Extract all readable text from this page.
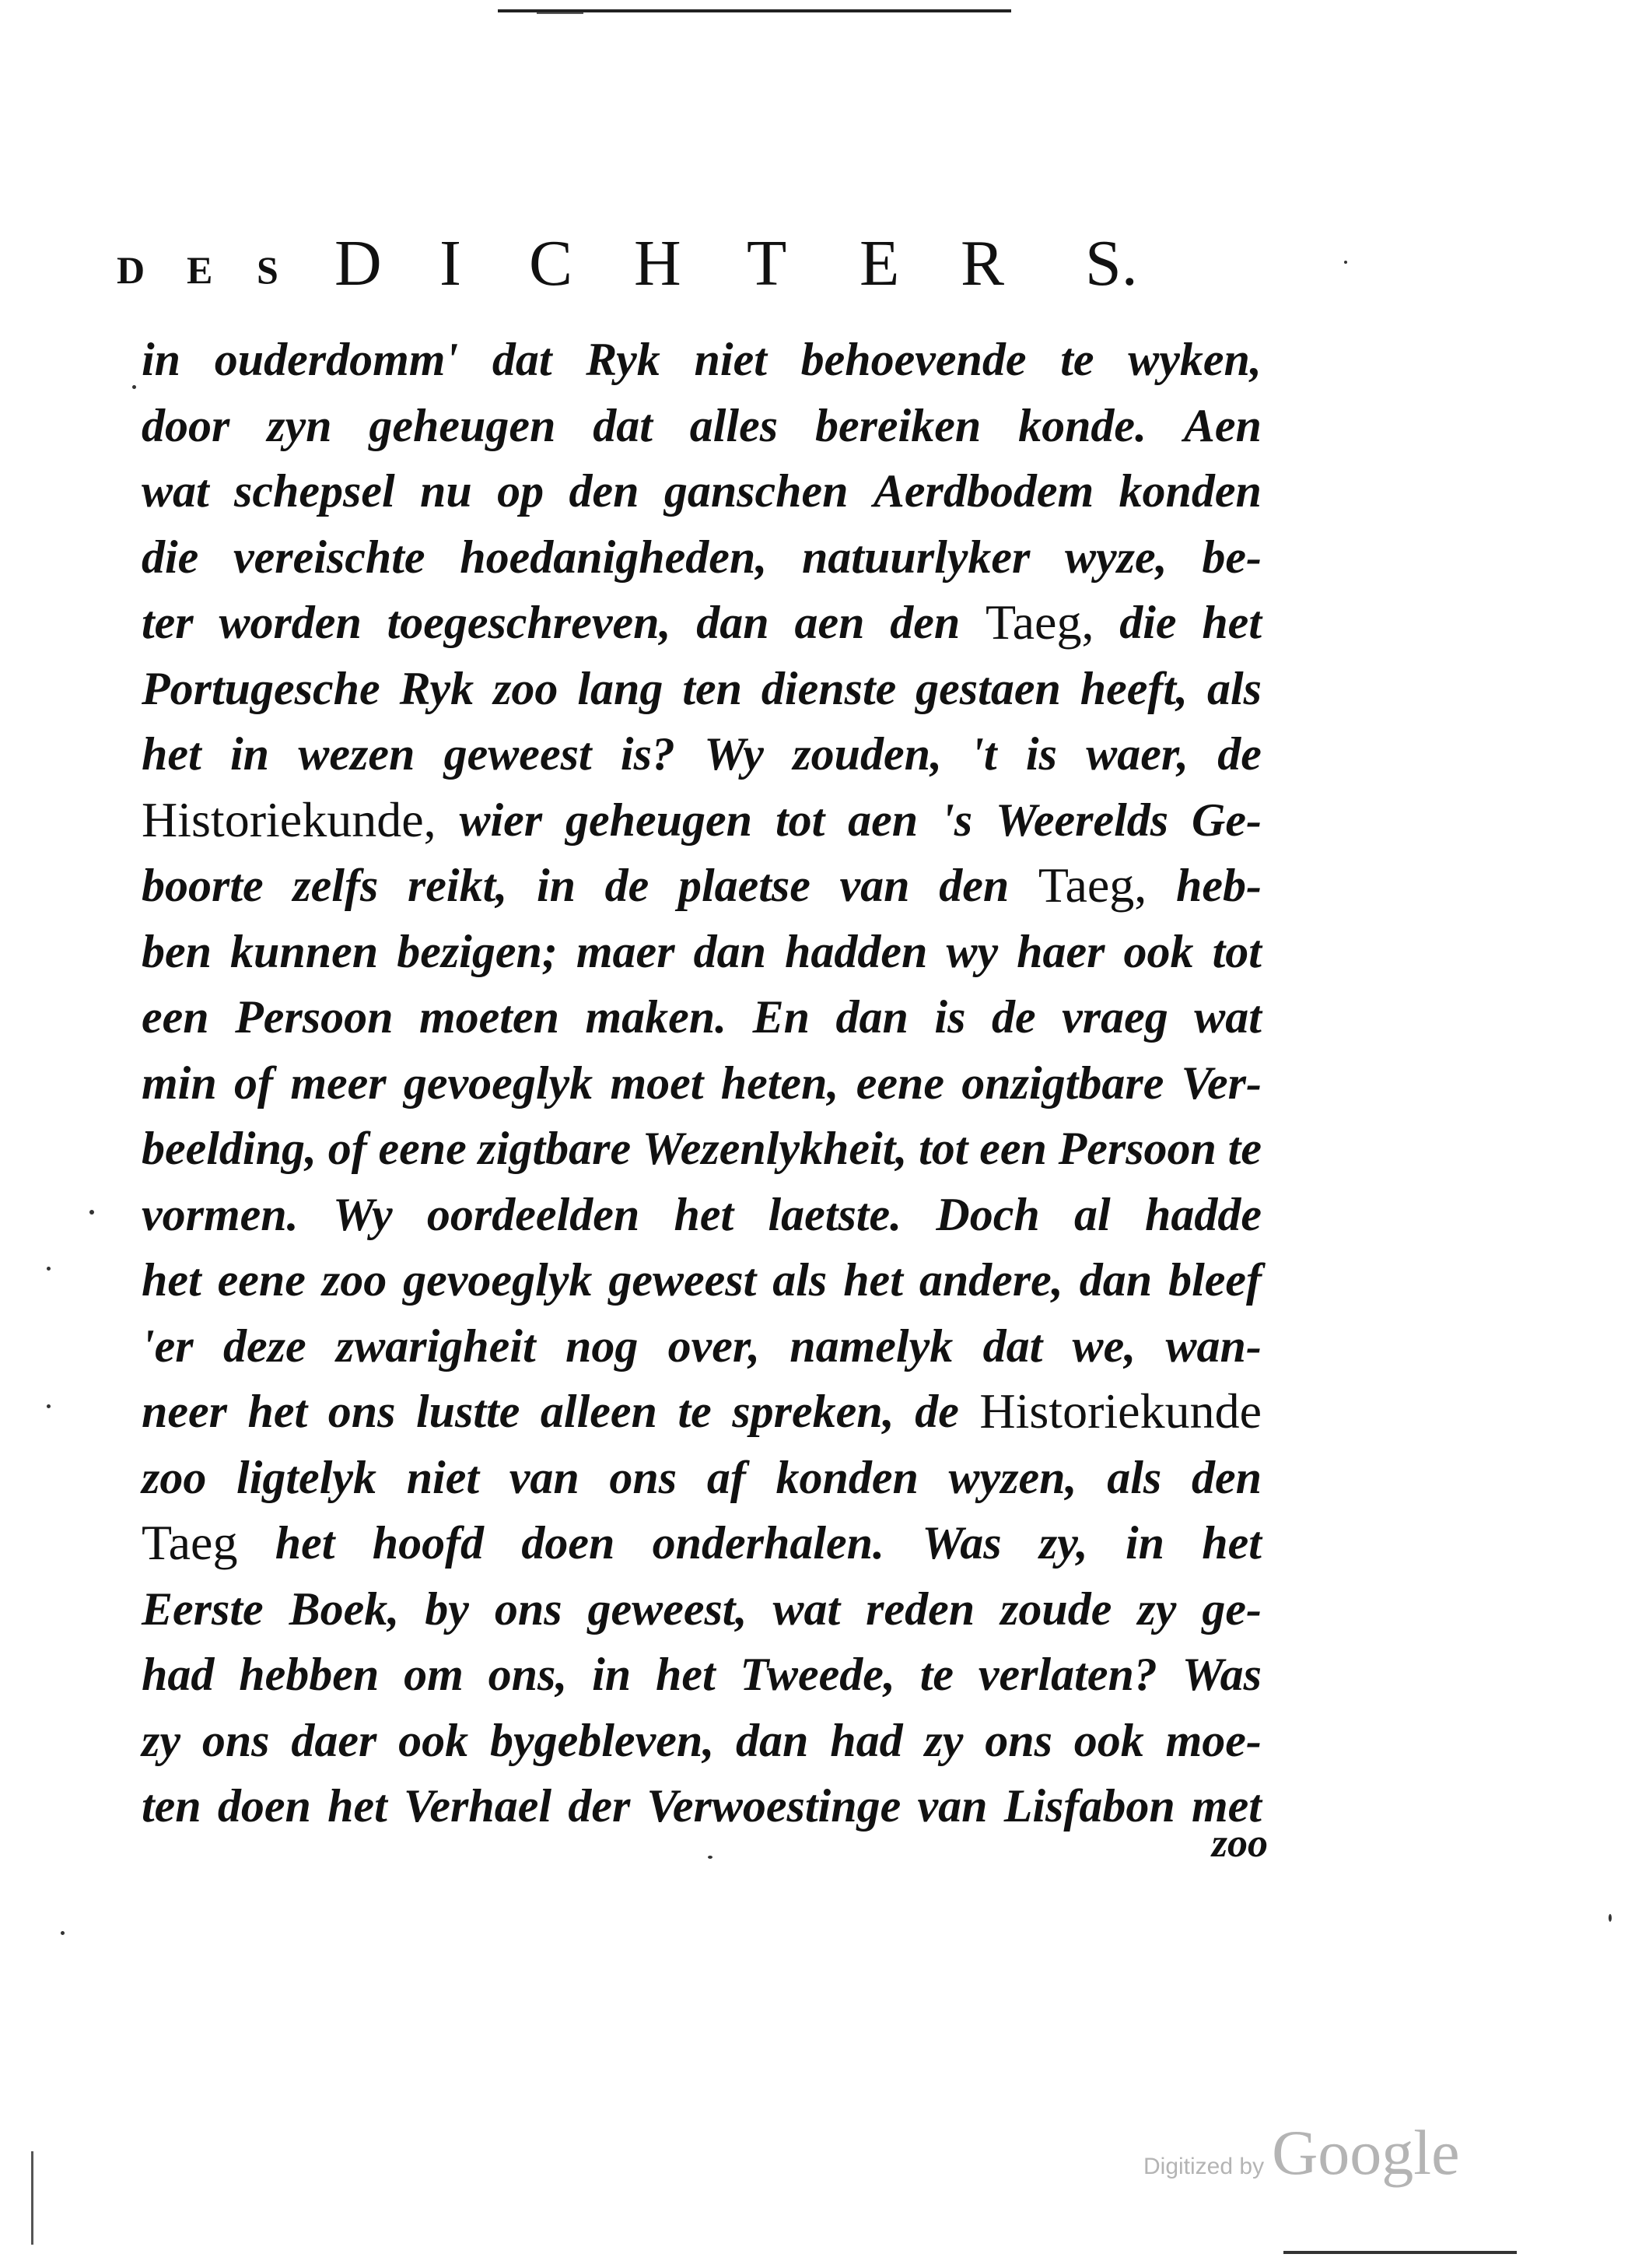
D E S D I C H T E R S.
in ouderdomm' dat Ryk niet behoevende te wyken,
door zyn geheugen dat alles bereiken konde. Aen
wat schepsel nu op den ganschen Aerdbodem konden
die vereischte hoedanigheden, natuurlyker wyze, be-
ter worden toegeschreven, dan aen den Taeg, die het
Portugesche Ryk zoo lang ten dienste gestaen heeft, als
het in wezen geweest is? Wy zouden, 't is waer, de
Historiekunde, wier geheugen tot aen 's Weerelds Ge-
boorte zelfs reikt, in de plaetse van den Taeg, heb-
ben kunnen bezigen; maer dan hadden wy haer ook tot
een Persoon moeten maken. En dan is de vraeg wat
min of meer gevoeglyk moet heten, eene onzigtbare Ver-
beelding, of eene zigtbare Wezenlykheit, tot een Persoon te
vormen. Wy oordeelden het laetste. Doch al hadde
het eene zoo gevoeglyk geweest als het andere, dan bleef
'er deze zwarigheit nog over, namelyk dat we, wan-
neer het ons lustte alleen te spreken, de Historiekunde
zoo ligtelyk niet van ons af konden wyzen, als den
Taeg het hoofd doen onderhalen. Was zy, in het
Eerste Boek, by ons geweest, wat reden zoude zy ge-
had hebben om ons, in het Tweede, te verlaten? Was
zy ons daer ook bygebleven, dan had zy ons ook moe-
ten doen het Verhael der Verwoestinge van Lisfabon met
zoo
Digitized by Google
